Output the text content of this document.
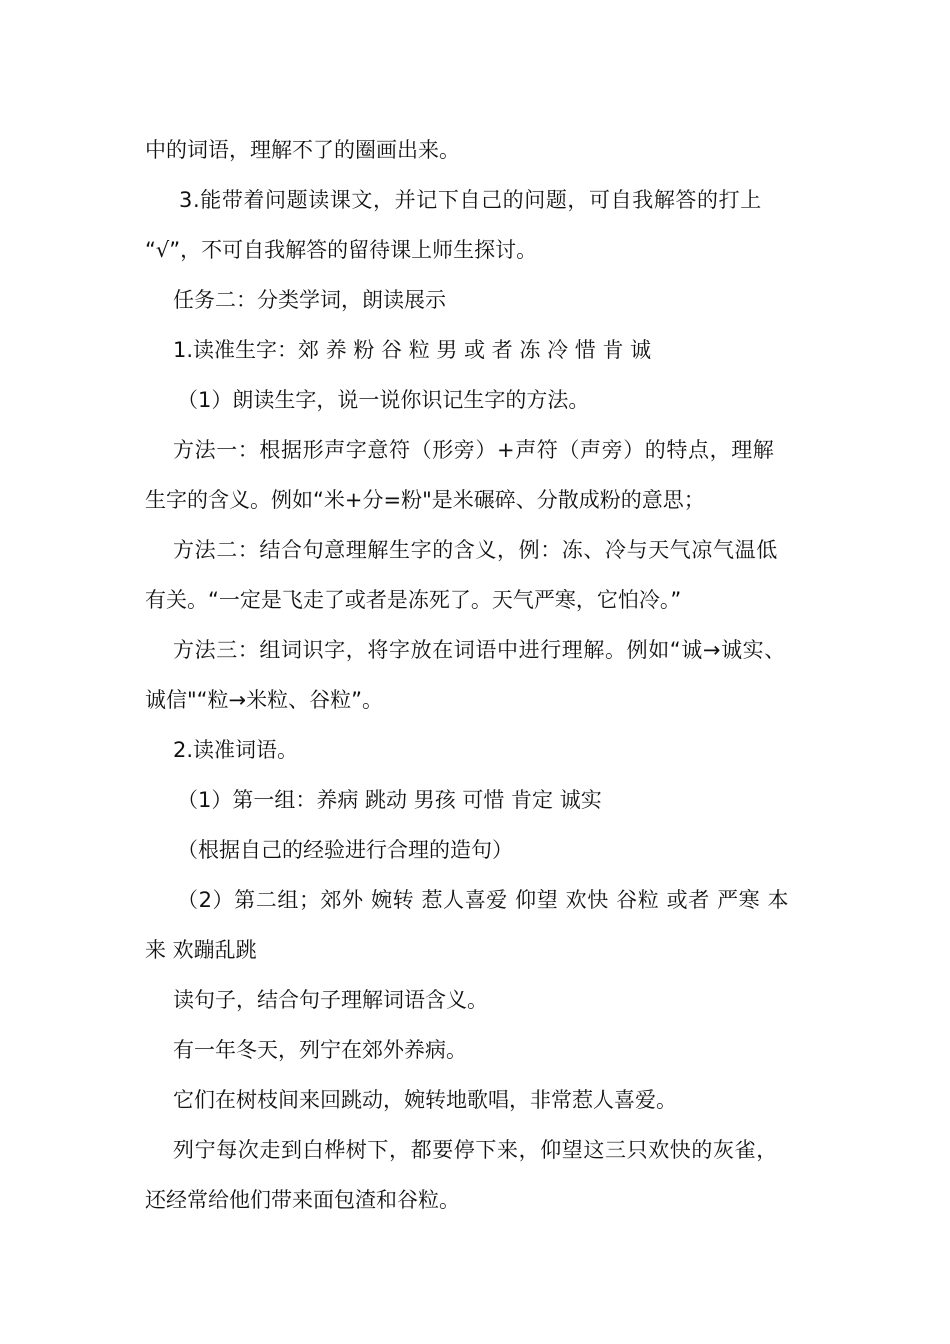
中的词语，理解不了的圈画出来。
3.能带着问题读课文，并记下自己的问题，可自我解答的打上
“√”，不可自我解答的留待课上师生探讨。
任务二：分类学词，朗读展示
1.读准生字：郊 养 粉 谷 粒 男 或 者 冻 冷 惜 肯 诚
（1）朗读生字，说一说你识记生字的方法。
方法一：根据形声字意符（形旁）+声符（声旁）的特点，理解
生字的含义。例如“米+分=粉"是米碾碎、分散成粉的意思；
方法二：结合句意理解生字的含义，例：冻、冷与天气凉气温低
有关。“一定是飞走了或者是冻死了。天气严寒，它怕冷。”
方法三：组词识字，将字放在词语中进行理解。例如“诚→诚实、
诚信"“粒→米粒、谷粒”。
2.读准词语。
（1）第一组：养病 跳动 男孩 可惜 肯定 诚实
（根据自己的经验进行合理的造句）
（2）第二组；郊外 婉转 惹人喜爱 仰望 欢快 谷粒 或者 严寒 本
来 欢蹦乱跳
读句子，结合句子理解词语含义。
有一年冬天，列宁在郊外养病。
它们在树枝间来回跳动，婉转地歌唱，非常惹人喜爱。
列宁每次走到白桦树下，都要停下来，仰望这三只欢快的灰雀，
还经常给他们带来面包渣和谷粒。
